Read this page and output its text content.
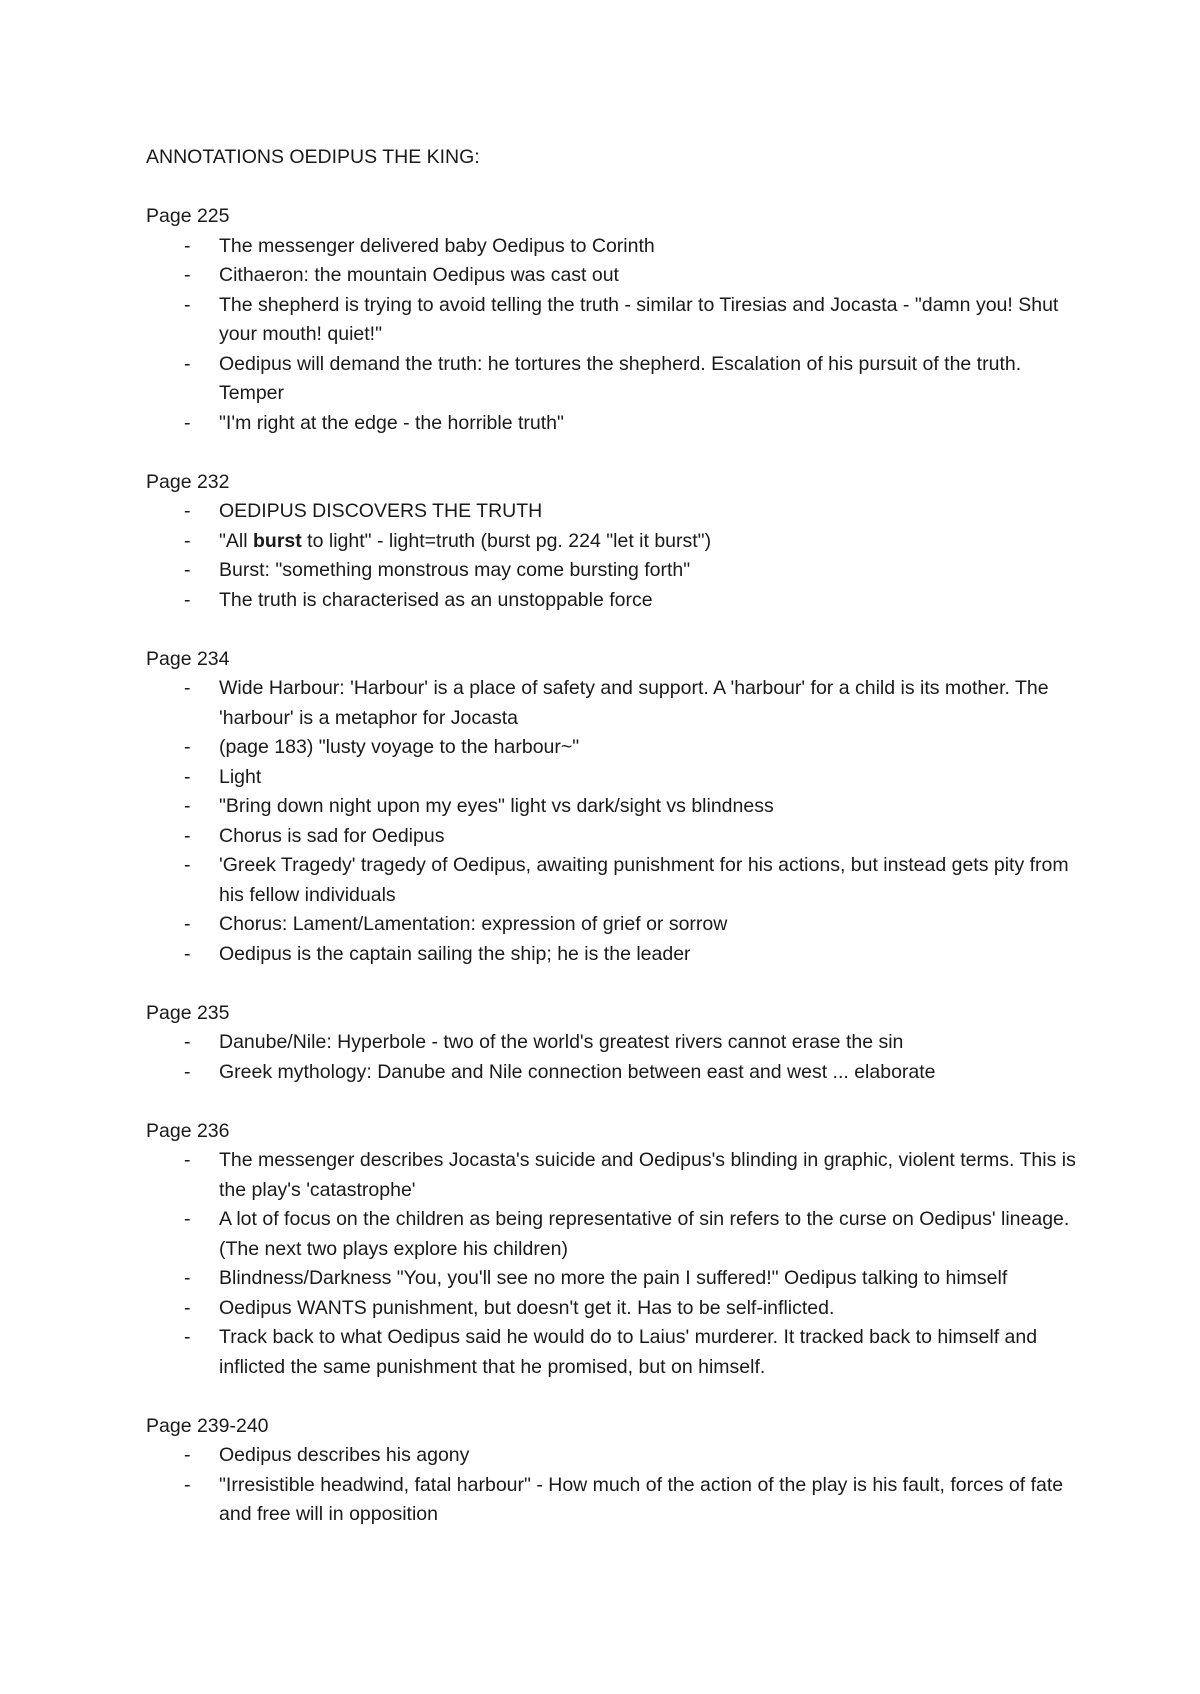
ANNOTATIONS OEDIPUS THE KING:

Page 225

- The messenger delivered baby Oedipus to Corinth
- Cithaeron: the mountain Oedipus was cast out
- The shepherd is trying to avoid telling the truth - similar to Tiresias and Jocasta - "damn you! Shut your mouth! quiet!"
- Oedipus will demand the truth: he tortures the shepherd. Escalation of his pursuit of the truth. Temper
- "I'm right at the edge - the horrible truth"

Page 232

- OEDIPUS DISCOVERS THE TRUTH
- "All burst to light" - light=truth (burst pg. 224 "let it burst")
- Burst: "something monstrous may come bursting forth"
- The truth is characterised as an unstoppable force

Page 234

- Wide Harbour: 'Harbour' is a place of safety and support. A 'harbour' for a child is its mother. The 'harbour' is a metaphor for Jocasta
- (page 183) "lusty voyage to the harbour~"
- Light
- "Bring down night upon my eyes" light vs dark/sight vs blindness
- Chorus is sad for Oedipus
- 'Greek Tragedy' tragedy of Oedipus, awaiting punishment for his actions, but instead gets pity from his fellow individuals
- Chorus: Lament/Lamentation: expression of grief or sorrow
- Oedipus is the captain sailing the ship; he is the leader

Page 235

- Danube/Nile: Hyperbole - two of the world's greatest rivers cannot erase the sin
- Greek mythology: Danube and Nile connection between east and west ... elaborate

Page 236

- The messenger describes Jocasta's suicide and Oedipus's blinding in graphic, violent terms. This is the play's 'catastrophe'
- A lot of focus on the children as being representative of sin refers to the curse on Oedipus' lineage. (The next two plays explore his children)
- Blindness/Darkness "You, you'll see no more the pain I suffered!" Oedipus talking to himself
- Oedipus WANTS punishment, but doesn't get it. Has to be self-inflicted.
- Track back to what Oedipus said he would do to Laius' murderer. It tracked back to himself and inflicted the same punishment that he promised, but on himself.

Page 239-240

- Oedipus describes his agony
- "Irresistible headwind, fatal harbour" - How much of the action of the play is his fault, forces of fate and free will in opposition
